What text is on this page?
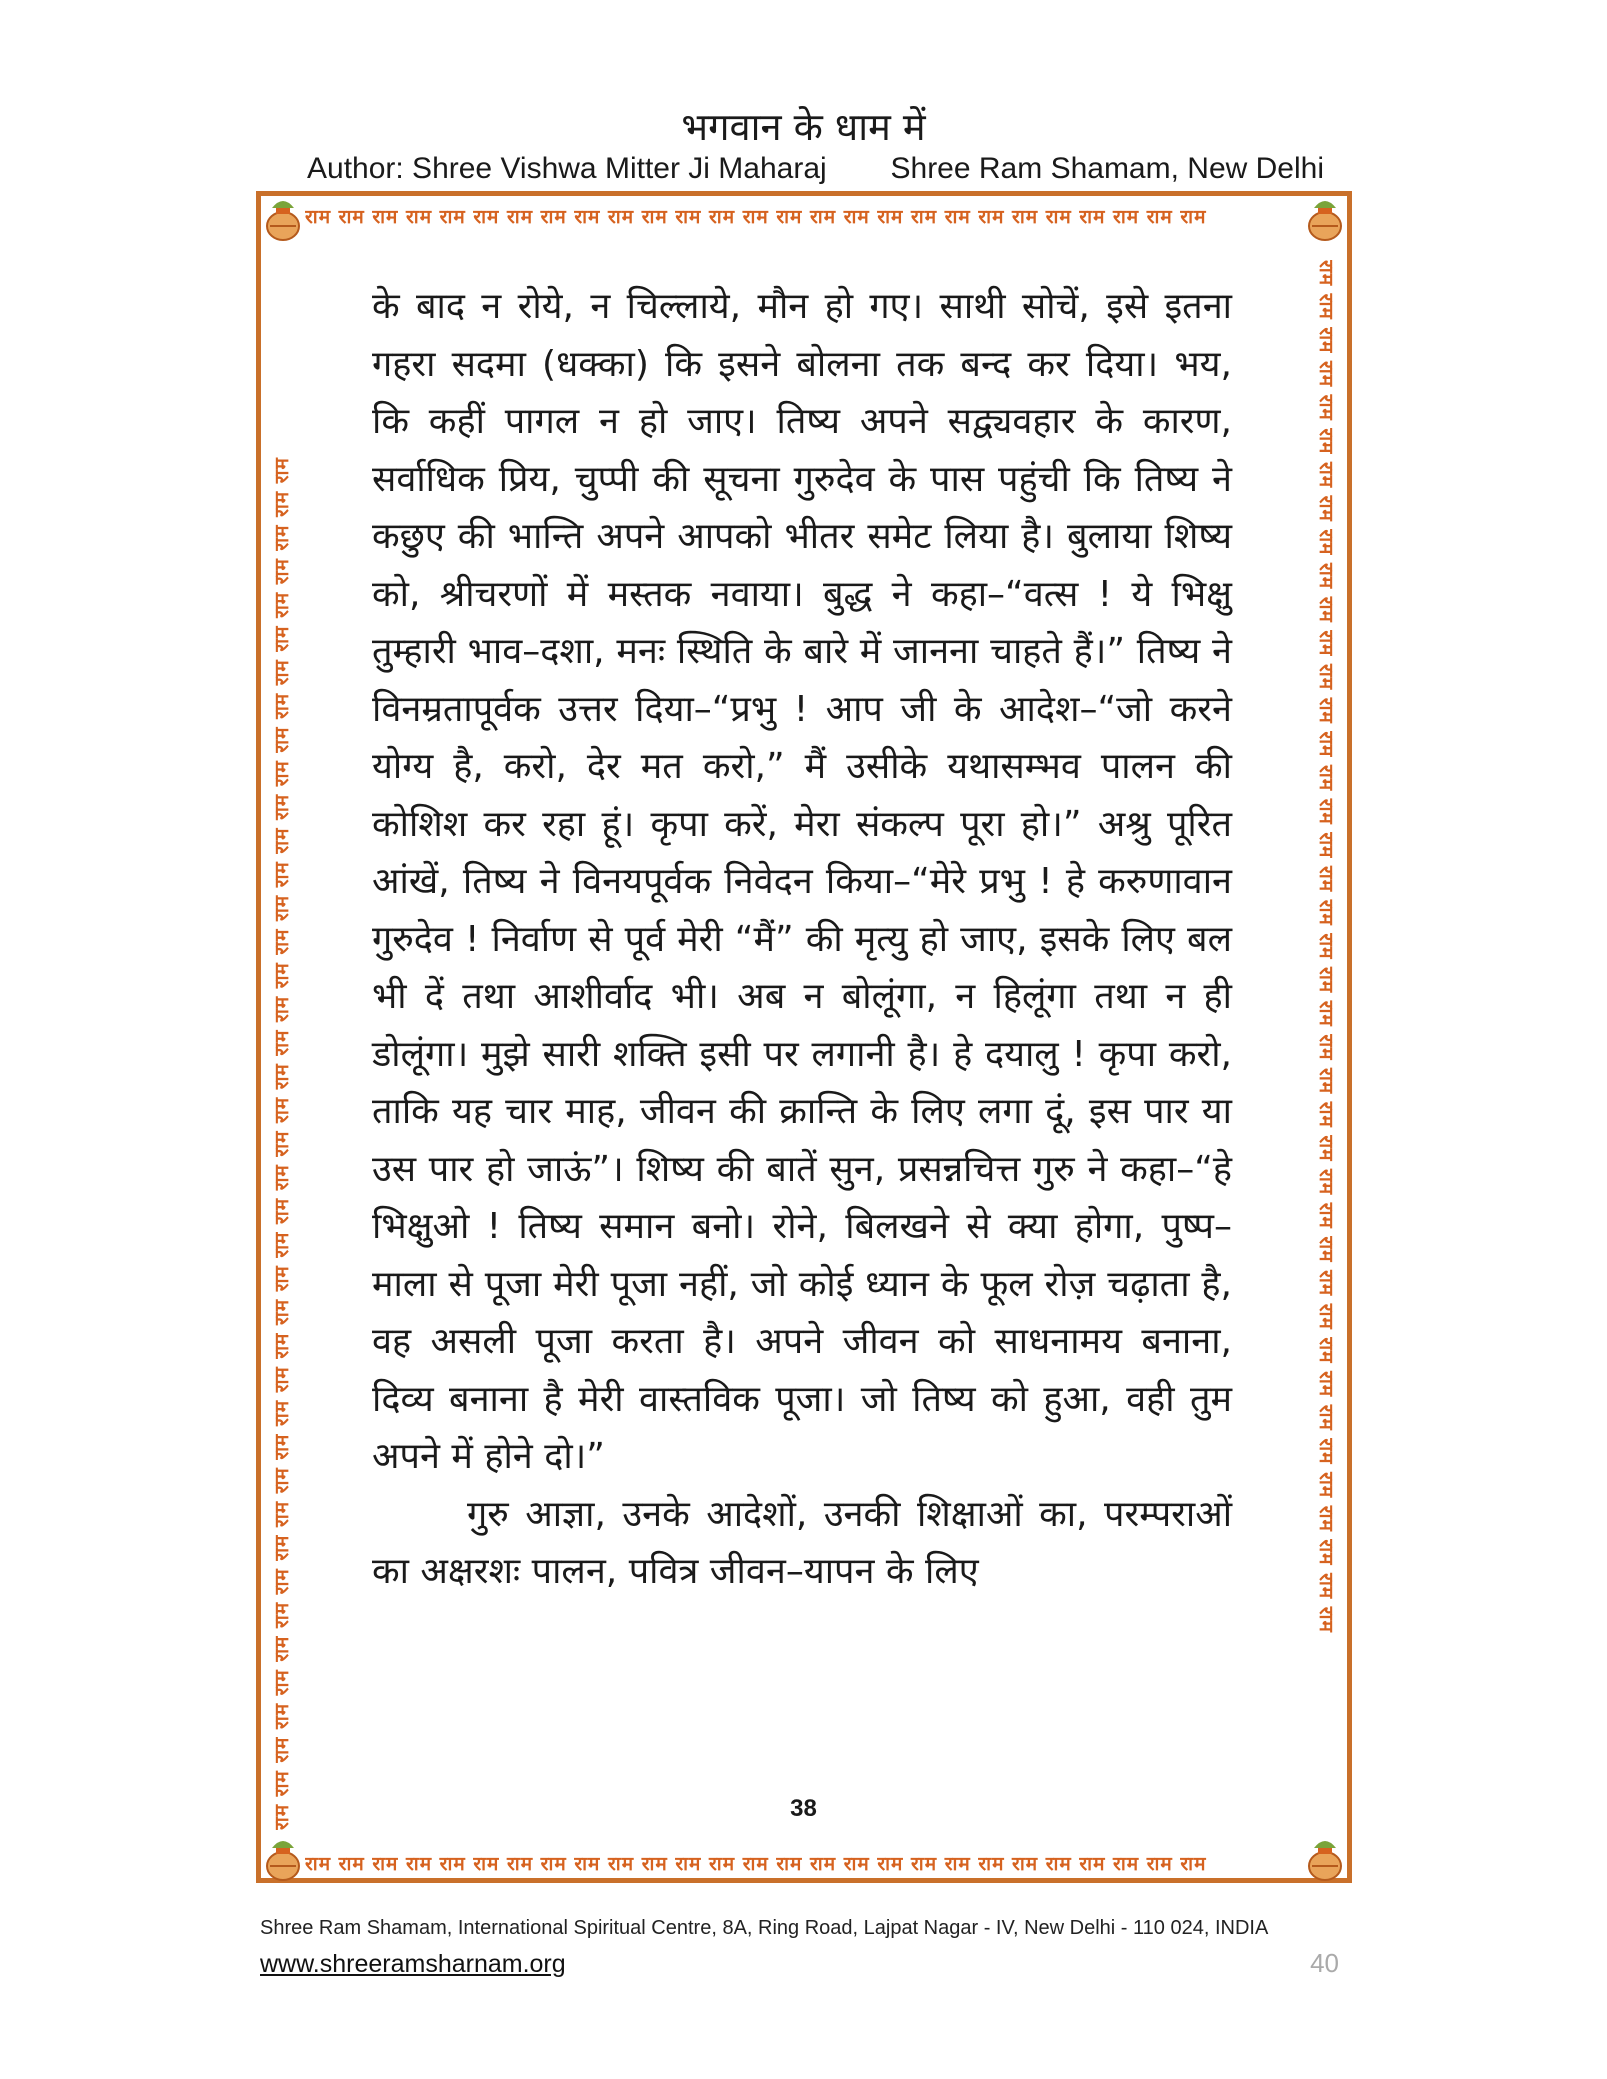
भगवान के धाम में
Author: Shree Vishwa Mitter Ji Maharaj Shree Ram Shamam, New Delhi
राम राम राम राम राम राम राम राम राम राम राम राम राम राम राम राम राम राम राम राम राम राम राम राम राम राम राम
राम राम राम राम राम राम राम राम राम राम राम राम राम राम राम राम राम राम राम राम राम राम राम राम राम राम राम
राम राम राम राम राम राम राम राम राम राम राम राम राम राम राम राम राम राम राम राम राम राम राम राम राम राम राम राम राम राम राम राम राम राम राम राम राम राम राम राम राम	राम राम राम राम राम राम राम राम राम राम राम राम राम राम राम राम राम राम राम राम राम राम राम राम राम राम राम राम राम राम राम राम राम राम राम राम राम राम राम राम राम

के बाद न रोये, न चिल्लाये, मौन हो गए। साथी सोचें, इसे इतना गहरा सदमा (धक्का) कि इसने बोलना तक बन्द कर दिया। भय, कि कहीं पागल न हो जाए। तिष्य अपने सद्व्यवहार के कारण, सर्वाधिक प्रिय, चुप्पी की सूचना गुरुदेव के पास पहुंची कि तिष्य ने कछुए की भान्ति अपने आपको भीतर समेट लिया है। बुलाया शिष्य को, श्रीचरणों में मस्तक नवाया। बुद्ध ने कहा–“वत्स ! ये भिक्षु तुम्हारी भाव–दशा, मनः स्थिति के बारे में जानना चाहते हैं।” तिष्य ने विनम्रतापूर्वक उत्तर दिया–“प्रभु ! आप जी के आदेश–“जो करने योग्य है, करो, देर मत करो,” मैं उसीके यथासम्भव पालन की कोशिश कर रहा हूं। कृपा करें, मेरा संकल्प पूरा हो।” अश्रु पूरित आंखें, तिष्य ने विनयपूर्वक निवेदन किया–“मेरे प्रभु ! हे करुणावान गुरुदेव ! निर्वाण से पूर्व मेरी “मैं” की मृत्यु हो जाए, इसके लिए बल भी दें तथा आशीर्वाद भी। अब न बोलूंगा, न हिलूंगा तथा न ही डोलूंगा। मुझे सारी शक्ति इसी पर लगानी है। हे दयालु ! कृपा करो, ताकि यह चार माह, जीवन की क्रान्ति के लिए लगा दूं, इस पार या उस पार हो जाऊं”। शिष्य की बातें सुन, प्रसन्नचित्त गुरु ने कहा–“हे भिक्षुओ ! तिष्य समान बनो। रोने, बिलखने से क्या होगा, पुष्प–माला से पूजा मेरी पूजा नहीं, जो कोई ध्यान के फूल रोज़ चढ़ाता है, वह असली पूजा करता है। अपने जीवन को साधनामय बनाना, दिव्य बनाना है मेरी वास्तविक पूजा। जो तिष्य को हुआ, वही तुम अपने में होने दो।”

गुरु आज्ञा, उनके आदेशों, उनकी शिक्षाओं का, परम्पराओं का अक्षरशः पालन, पवित्र जीवन–यापन के लिए

38
Shree Ram Shamam, International Spiritual Centre, 8A, Ring Road, Lajpat Nagar - IV, New Delhi - 110 024, INDIA
www.shreeramsharnam.org	40
